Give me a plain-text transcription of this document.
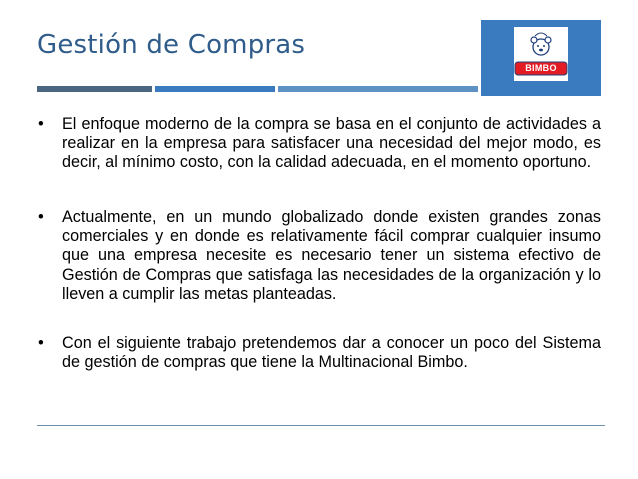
Gestión de Compras
BIMBO
• El enfoque moderno de la compra se basa en el conjunto de actividades a realizar en la empresa para satisfacer una necesidad del mejor modo, es decir, al mínimo costo, con la calidad adecuada, en el momento oportuno.

• Actualmente, en un mundo globalizado donde existen grandes zonas comerciales y en donde es relativamente fácil comprar cualquier insumo que una empresa necesite es necesario tener un sistema efectivo de Gestión de Compras que satisfaga las necesidades de la organización y lo lleven a cumplir las metas planteadas.

• Con el siguiente trabajo pretendemos dar a conocer un poco del Sistema de gestión de compras que tiene la Multinacional Bimbo.
